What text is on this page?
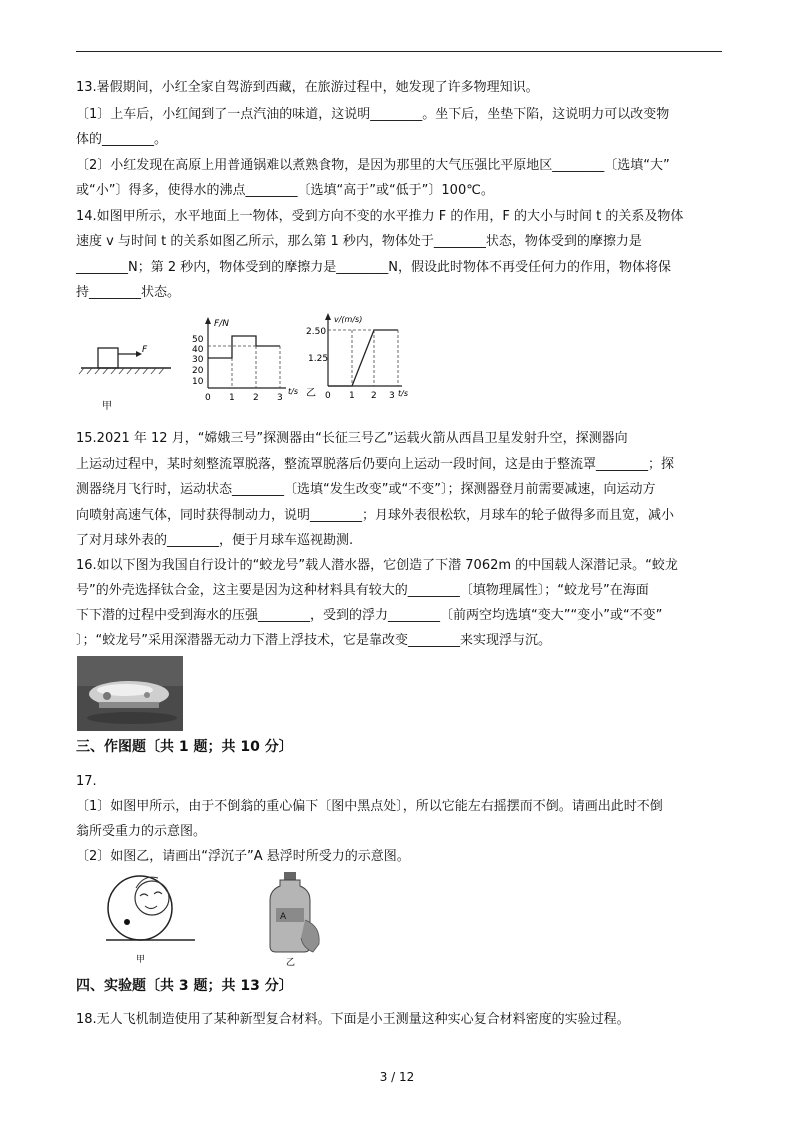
13.暑假期间，小红全家自驾游到西藏，在旅游过程中，她发现了许多物理知识。
〔1〕上车后，小红闻到了一点汽油的味道，这说明________。坐下后，坐垫下陷，这说明力可以改变物
体的________。
〔2〕小红发现在高原上用普通锅难以煮熟食物，是因为那里的大气压强比平原地区________〔选填“大”
或“小”〕得多，使得水的沸点________〔选填“高于”或“低于”〕100℃。
14.如图甲所示，水平地面上一物体，受到方向不变的水平推力 F 的作用，F 的大小与时间 t 的关系及物体
速度 v 与时间 t 的关系如图乙所示，那么第 1 秒内，物体处于________状态，物体受到的摩擦力是
________N；第 2 秒内，物体受到的摩擦力是________N，假设此时物体不再受任何力的作用，物体将保
持________状态。
F
甲
F/N
50
40
30
20
10
0 1 2 3
t/s 乙
v/(m/s)
2.50
1.25
0 1 2 3 t/s
15.2021 年 12 月，“嫦娥三号”探测器由“长征三号乙”运载火箭从西昌卫星发射升空，探测器向
上运动过程中，某时刻整流罩脱落，整流罩脱落后仍要向上运动一段时间，这是由于整流罩________；探
测器绕月飞行时，运动状态________〔选填“发生改变”或“不变”〕；探测器登月前需要减速，向运动方
向喷射高速气体，同时获得制动力，说明________；月球外表很松软，月球车的轮子做得多而且宽，减小
了对月球外表的________，便于月球车巡视勘测.
16.如以下图为我国自行设计的“蛟龙号”载人潜水器，它创造了下潜 7062m 的中国载人深潜记录。“蛟龙
号”的外壳选择钛合金，这主要是因为这种材料具有较大的________〔填物理属性〕；“蛟龙号”在海面
下下潜的过程中受到海水的压强________，受到的浮力________〔前两空均选填“变大”“变小”或“不变”
〕；“蛟龙号”采用深潜器无动力下潜上浮技术，它是靠改变________来实现浮与沉。
三、作图题〔共 1 题；共 10 分〕
17.
〔1〕如图甲所示，由于不倒翁的重心偏下〔图中黑点处〕，所以它能左右摇摆而不倒。请画出此时不倒
翁所受重力的示意图。
〔2〕如图乙，请画出“浮沉子”A 悬浮时所受力的示意图。
甲
A
乙
四、实验题〔共 3 题；共 13 分〕
18.无人飞机制造使用了某种新型复合材料。下面是小王测量这种实心复合材料密度的实验过程。
3 / 12
